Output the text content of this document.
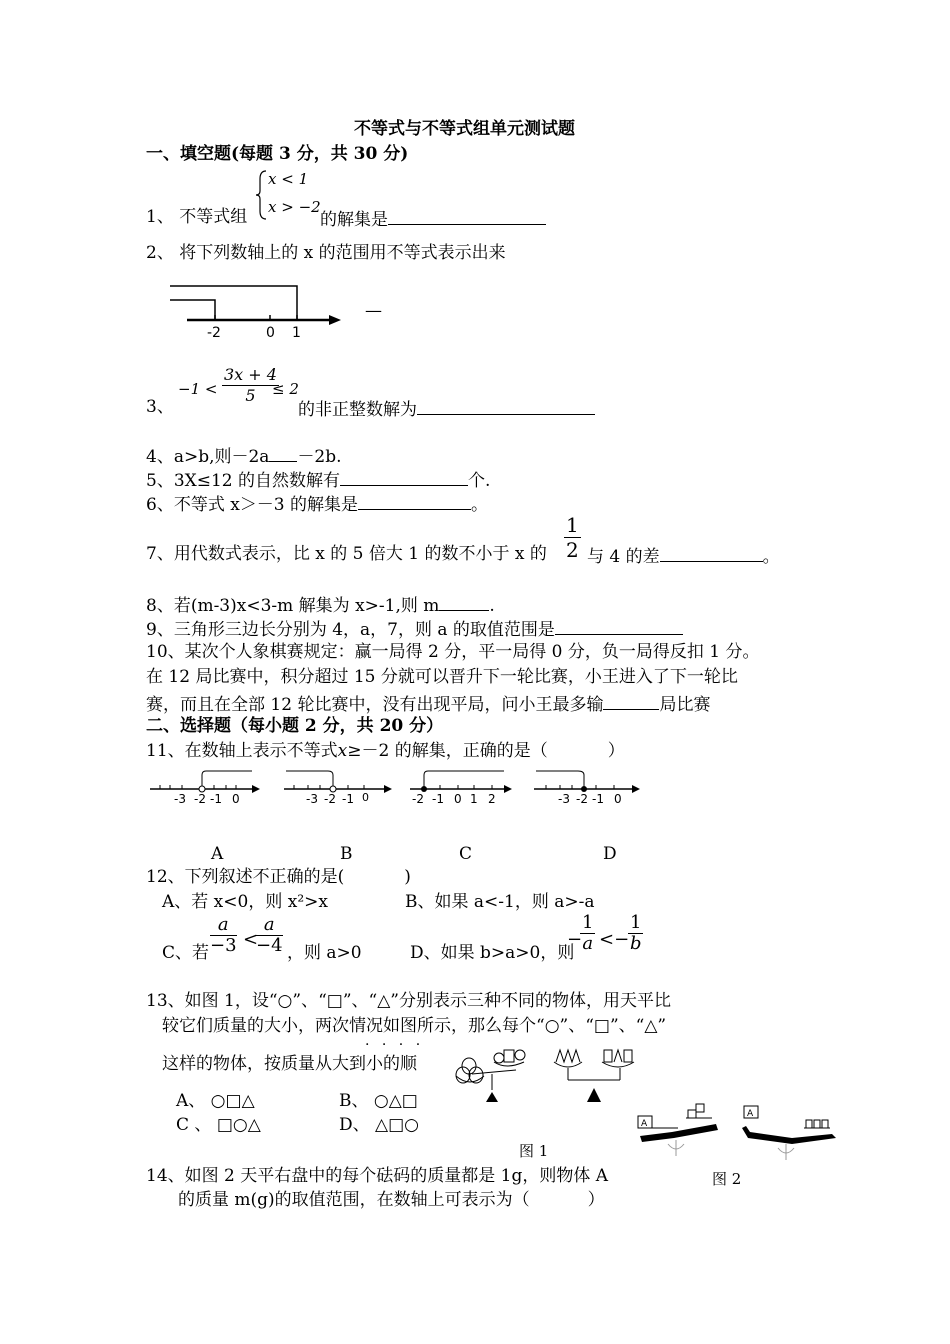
不等式与不等式组单元测试题
一、填空题(每题 3 分，共 30 分)
1、 不等式组
x < 1
x > −2
的解集是
2、 将下列数轴上的 x 的范围用不等式表示出来
-2	0 1
—
3、
$-1 < \frac{3x + 4}{5}$
≤ 2
的非正整数解为
4、a>b,则－2a －2b.
5、3X≤12 的自然数解有	个.
6、不等式 x＞－3 的解集是	。
7、用代数式表示，比 x 的 5 倍大 1 的数不小于 x 的 $\frac{1}{2}$ 与 4 的差	。
8、若(m-3)x<3-m 解集为 x>-1,则 m	.
9、三角形三边长分别为 4，a，7，则 a 的取值范围是
10、某次个人象棋赛规定：赢一局得 2 分，平一局得 0 分，负一局得反扣 1 分。
在 12 局比赛中，积分超过 15 分就可以晋升下一轮比赛，小王进入了下一轮比
赛，而且在全部 12 轮比赛中，没有出现平局，问小王最多输	局比赛
二、选择题（每小题 2 分，共 20 分）
11、在数轴上表示不等式x≥－2 的解集，正确的是（	）
-3 -2 -1 0	-3 -2 -1 0	-2 -1 0 1 2	-3 -2 -1 0
A	B	C	D
12、下列叙述不正确的是(	)
A、若 x<0，则 x²>x	B、如果 a<-1，则 a>-a
C、若 $\frac{a}{-3}$ <
$\frac{a}{-4}$ ，则 a>0	D、如果 b>a>0，则
−
$\frac{1}{a}$ <−
$\frac{1}{b}$
13、如图 1，设“○”、“□”、“△”分别表示三种不同的物体，用天平比
较它们质量的大小，两次情况如图所示，那么每个“○”、“□”、“△”
. . . .
这样的物体，按质量从大到小的顺
A、 ○□△	B、 ○△□
C 、 □○△	D、 △□○
图 1
A
A
图 2
14、如图 2 天平右盘中的每个砝码的质量都是 1g，则物体 A
的质量 m(g)的取值范围，在数轴上可表示为（	）
